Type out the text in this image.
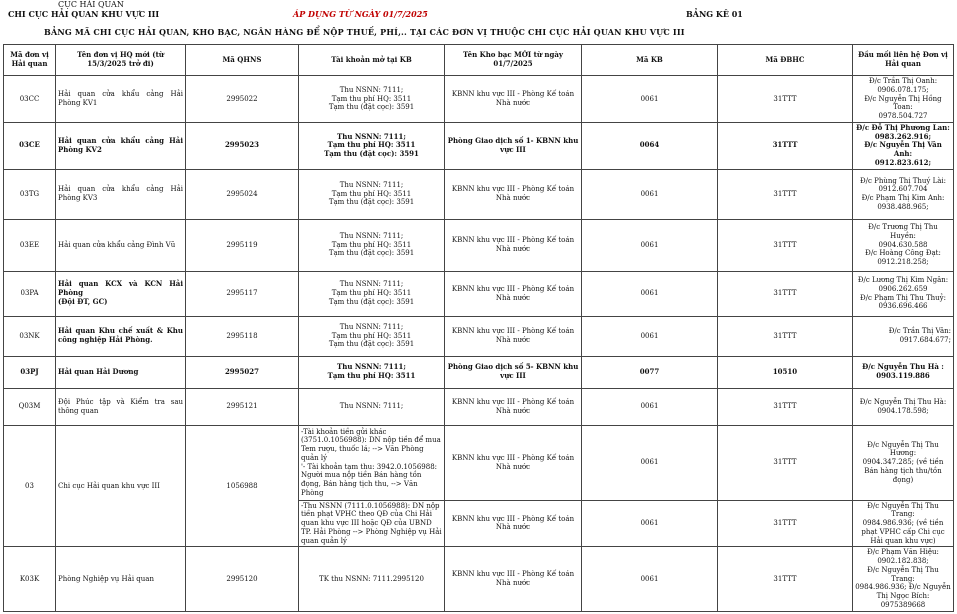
CỤC HẢI QUAN
CHI CỤC HẢI QUAN KHU VỰC III	ÁP DỤNG TỪ NGÀY 01/7/2025	BẢNG KÊ 01
BẢNG MÃ CHI CỤC HẢI QUAN, KHO BẠC, NGÂN HÀNG ĐỂ NỘP THUẾ, PHÍ,.. TẠI CÁC ĐƠN VỊ THUỘC CHI CỤC HẢI QUAN KHU VỰC III
Mã đơn vị Hải quan	Tên đơn vị HQ mới (từ 15/3/2025 trở đi)	Mã QHNS	Tài khoản mở tại KB	Tên Kho bạc MỚI từ ngày 01/7/2025	Mã KB	Mã ĐBHC	Đầu mối liên hệ Đơn vị Hải quan
03CC	Hải quan cửa khẩu cảng Hải Phòng KV1	2995022	Thu NSNN: 7111;
Tạm thu phí HQ: 3511
Tạm thu (đặt cọc): 3591	KBNN khu vực III - Phòng Kế toán Nhà nước	0061	31TTT	Đ/c Trần Thị Oanh:
0906.078.175;
Đ/c Nguyễn Thị Hồng Toan:
0978.504.727
03CE	Hải quan cửa khẩu cảng Hải Phòng KV2	2995023	Thu NSNN: 7111;
Tạm thu phí HQ: 3511
Tạm thu (đặt cọc): 3591	Phòng Giao dịch số 1- KBNN khu vực III	0064	31TTT	Đ/c Đỗ Thị Phương Lan:
0983.262.916;
Đ/c Nguyễn Thị Vân Anh:
0912.823.612;
03TG	Hải quan cửa khẩu cảng Hải Phòng KV3	2995024	Thu NSNN: 7111;
Tạm thu phí HQ: 3511
Tạm thu (đặt cọc): 3591	KBNN khu vực III - Phòng Kế toán Nhà nước	0061	31TTT	Đ/c Phùng Thị Thuý Lài:
0912.607.704
Đ/c Phạm Thị Kim Anh:
0938.488.965;
03EE	Hải quan cửa khẩu cảng Đình Vũ	2995119	Thu NSNN: 7111;
Tạm thu phí HQ: 3511
Tạm thu (đặt cọc): 3591	KBNN khu vực III - Phòng Kế toán Nhà nước	0061	31TTT	Đ/c Trương Thị Thu Huyền:
0904.630.588
Đ/c Hoàng Công Đạt:
0912.218.258;
03PA	Hải quan KCX và KCN Hải Phòng
(Đội ĐT, GC)	2995117	Thu NSNN: 7111;
Tạm thu phí HQ: 3511
Tạm thu (đặt cọc): 3591	KBNN khu vực III - Phòng Kế toán Nhà nước	0061	31TTT	Đ/c Lương Thị Kim Ngân:
0906.262.659
Đ/c Phạm Thị Thu Thuỷ:
0936.696.466
03NK	Hải quan Khu chế xuất & Khu công nghiệp Hải Phòng.	2995118	Thu NSNN: 7111;
Tạm thu phí HQ: 3511
Tạm thu (đặt cọc): 3591	KBNN khu vực III - Phòng Kế toán Nhà nước	0061	31TTT	Đ/c Trần Thị Vân: 0917.684.677;
03PJ	Hải quan Hải Dương	2995027	Thu NSNN: 7111;
Tạm thu phí HQ: 3511	Phòng Giao dịch số 5- KBNN khu vực III	0077	10510	Đ/c Nguyễn Thu Hà :
0903.119.886
Q03M	Đội Phúc tập và Kiểm tra sau thông quan	2995121	Thu NSNN: 7111;	KBNN khu vực III - Phòng Kế toán Nhà nước	0061	31TTT	Đ/c Nguyễn Thị Thu Hà:
0904.178.598;
03	Chi cục Hải quan khu vực III	1056988	-Tài khoản tiền gửi khác (3751.0.1056988): DN nộp tiền để mua Tem rượu, thuốc lá; --> Văn Phòng quản lý
'- Tài khoản tạm thu: 3942.0.1056988: Người mua nộp tiền Bán hàng tồn đọng, Bán hàng tịch thu, --> Văn Phòng	KBNN khu vực III - Phòng Kế toán Nhà nước	0061	31TTT	Đ/c Nguyễn Thị Thu Hương:
0904.347.285; (về tiền Bán hàng tịch thu/tồn đọng)
			-Thu NSNN (7111.0.1056988): DN nộp tiền phạt VPHC theo QĐ của Chi Hải quan khu vực III hoặc QĐ của UBND TP. Hải Phòng --> Phòng Nghiệp vụ Hải quan quản lý	KBNN khu vực III - Phòng Kế toán Nhà nước	0061	31TTT	Đ/c Nguyễn Thị Thu Trang:
0984.986.936; (về tiền phạt VPHC cấp Chi cục Hải quan khu vực)
K03K	Phòng Nghiệp vụ Hải quan	2995120	TK thu NSNN: 7111.2995120	KBNN khu vực III - Phòng Kế toán Nhà nước	0061	31TTT	Đ/c Phạm Văn Hiệu:
0902.182.838;
Đ/c Nguyễn Thị Thu Trang:
0984.986.936; Đ/c Nguyễn Thị Ngọc Bích: 0975389668
